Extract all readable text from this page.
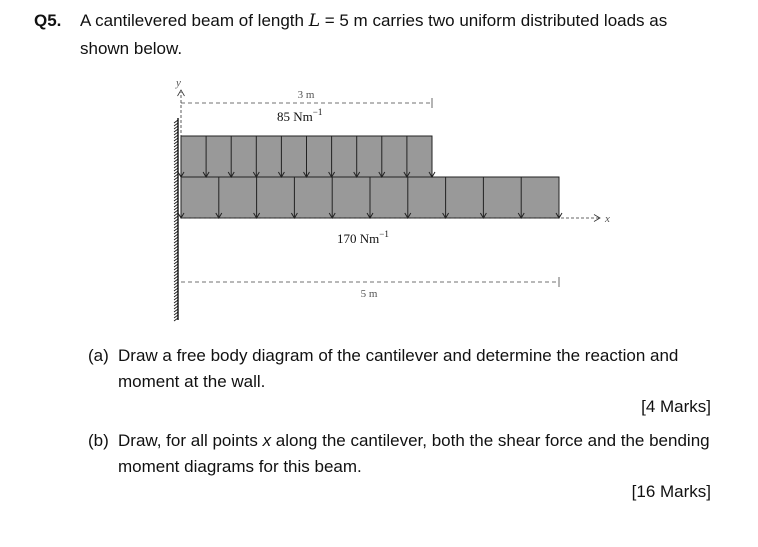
Q5. A cantilevered beam of length L = 5 m carries two uniform distributed loads as shown below.
y
3 m
85 $Nm^{-1}$
x
170 $Nm^{-1}$
5 m
(a) Draw a free body diagram of the cantilever and determine the reaction and moment at the wall.
[4 Marks]
(b) Draw, for all points x along the cantilever, both the shear force and the bending moment diagrams for this beam.
[16 Marks]
